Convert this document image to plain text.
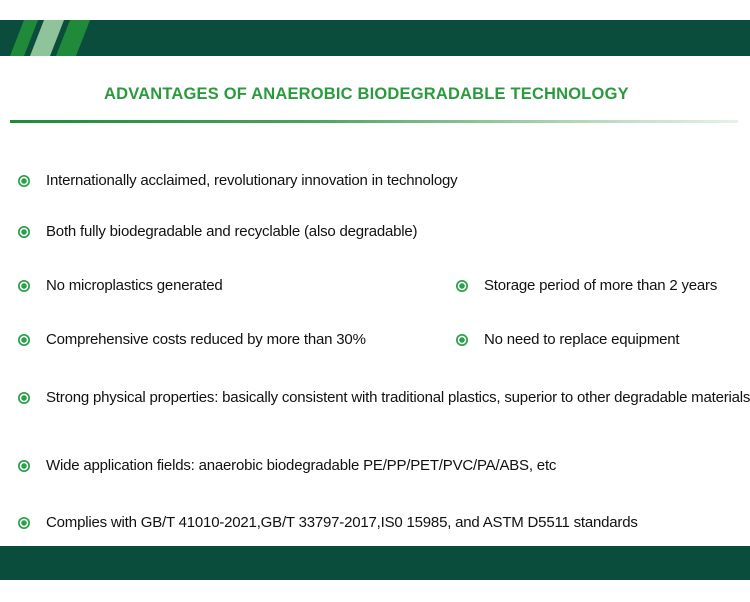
ADVANTAGES OF ANAEROBIC BIODEGRADABLE TECHNOLOGY
Internationally acclaimed, revolutionary innovation in technology
Both fully biodegradable and recyclable (also degradable)
No microplastics generated	Storage period of more than 2 years
Comprehensive costs reduced by more than 30%	No need to replace equipment
Strong physical properties: basically consistent with traditional plastics, superior to other degradable materials
Wide application fields: anaerobic biodegradable PE/PP/PET/PVC/PA/ABS, etc
Complies with GB/T 41010-2021,GB/T 33797-2017,IS0 15985, and ASTM D5511 standards
